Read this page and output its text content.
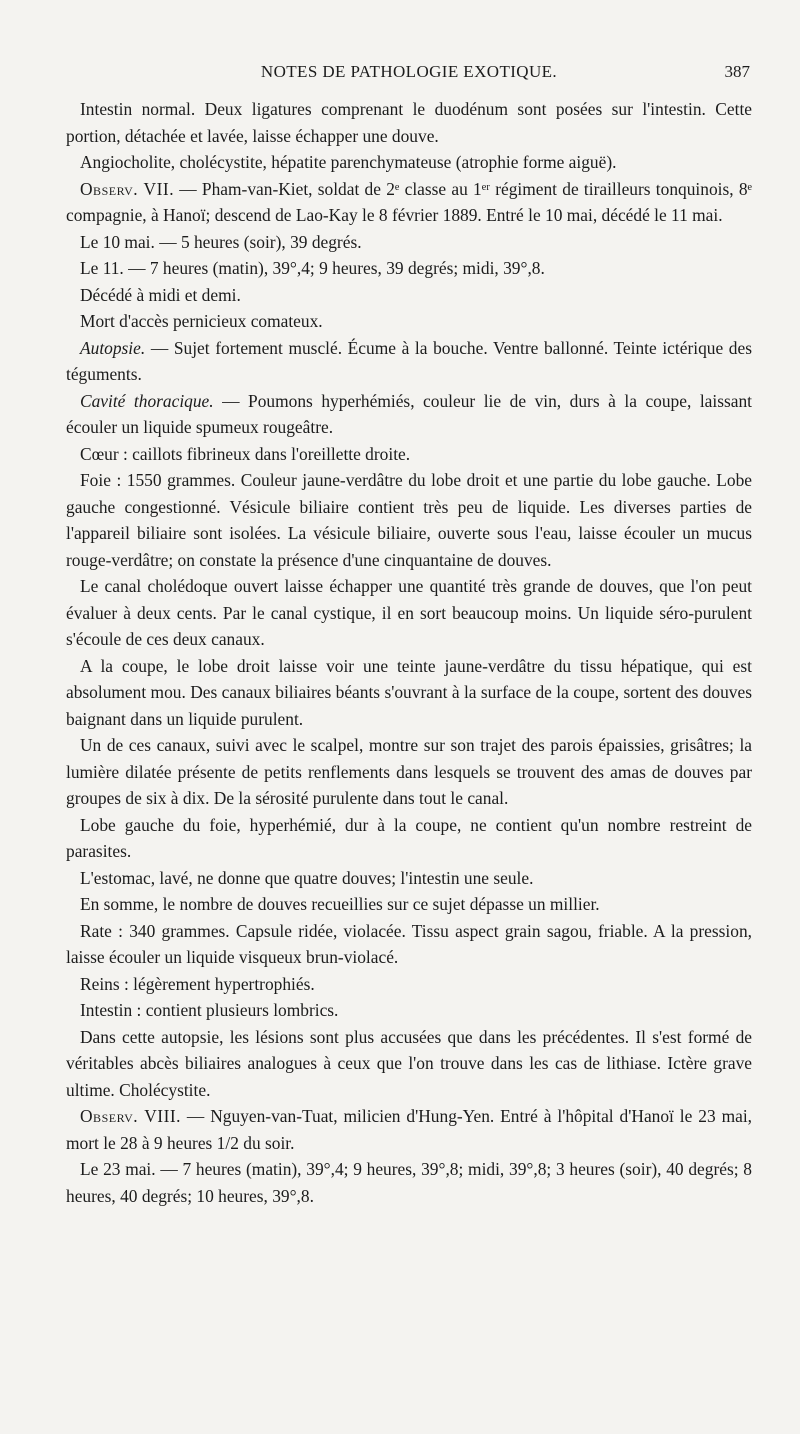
NOTES DE PATHOLOGIE EXOTIQUE.	387

Intestin normal. Deux ligatures comprenant le duodénum sont posées sur l'intestin. Cette portion, détachée et lavée, laisse échapper une douve.

Angiocholite, cholécystite, hépatite parenchymateuse (atrophie forme aiguë).

Observ. VII. — Pham-van-Kiet, soldat de 2ᵉ classe au 1ᵉʳ régiment de tirailleurs tonquinois, 8ᵉ compagnie, à Hanoï; descend de Lao-Kay le 8 février 1889. Entré le 10 mai, décédé le 11 mai.

Le 10 mai. — 5 heures (soir), 39 degrés.

Le 11. — 7 heures (matin), 39°,4; 9 heures, 39 degrés; midi, 39°,8.

Décédé à midi et demi.

Mort d'accès pernicieux comateux.

Autopsie. — Sujet fortement musclé. Écume à la bouche. Ventre ballonné. Teinte ictérique des téguments.

Cavité thoracique. — Poumons hyperhémiés, couleur lie de vin, durs à la coupe, laissant écouler un liquide spumeux rougeâtre.

Cœur : caillots fibrineux dans l'oreillette droite.

Foie : 1550 grammes. Couleur jaune-verdâtre du lobe droit et une partie du lobe gauche. Lobe gauche congestionné. Vésicule biliaire contient très peu de liquide. Les diverses parties de l'appareil biliaire sont isolées. La vésicule biliaire, ouverte sous l'eau, laisse écouler un mucus rouge-verdâtre; on constate la présence d'une cinquantaine de douves.

Le canal cholédoque ouvert laisse échapper une quantité très grande de douves, que l'on peut évaluer à deux cents. Par le canal cystique, il en sort beaucoup moins. Un liquide séro-purulent s'écoule de ces deux canaux.

A la coupe, le lobe droit laisse voir une teinte jaune-verdâtre du tissu hépatique, qui est absolument mou. Des canaux biliaires béants s'ouvrant à la surface de la coupe, sortent des douves baignant dans un liquide purulent.

Un de ces canaux, suivi avec le scalpel, montre sur son trajet des parois épaissies, grisâtres; la lumière dilatée présente de petits renflements dans lesquels se trouvent des amas de douves par groupes de six à dix. De la sérosité purulente dans tout le canal.

Lobe gauche du foie, hyperhémié, dur à la coupe, ne contient qu'un nombre restreint de parasites.

L'estomac, lavé, ne donne que quatre douves; l'intestin une seule.

En somme, le nombre de douves recueillies sur ce sujet dépasse un millier.

Rate : 340 grammes. Capsule ridée, violacée. Tissu aspect grain sagou, friable. A la pression, laisse écouler un liquide visqueux brun-violacé.

Reins : légèrement hypertrophiés.

Intestin : contient plusieurs lombrics.

Dans cette autopsie, les lésions sont plus accusées que dans les précédentes. Il s'est formé de véritables abcès biliaires analogues à ceux que l'on trouve dans les cas de lithiase. Ictère grave ultime. Cholécystite.

Observ. VIII. — Nguyen-van-Tuat, milicien d'Hung-Yen. Entré à l'hôpital d'Hanoï le 23 mai, mort le 28 à 9 heures 1/2 du soir.

Le 23 mai. — 7 heures (matin), 39°,4; 9 heures, 39°,8; midi, 39°,8; 3 heures (soir), 40 degrés; 8 heures, 40 degrés; 10 heures, 39°,8.
